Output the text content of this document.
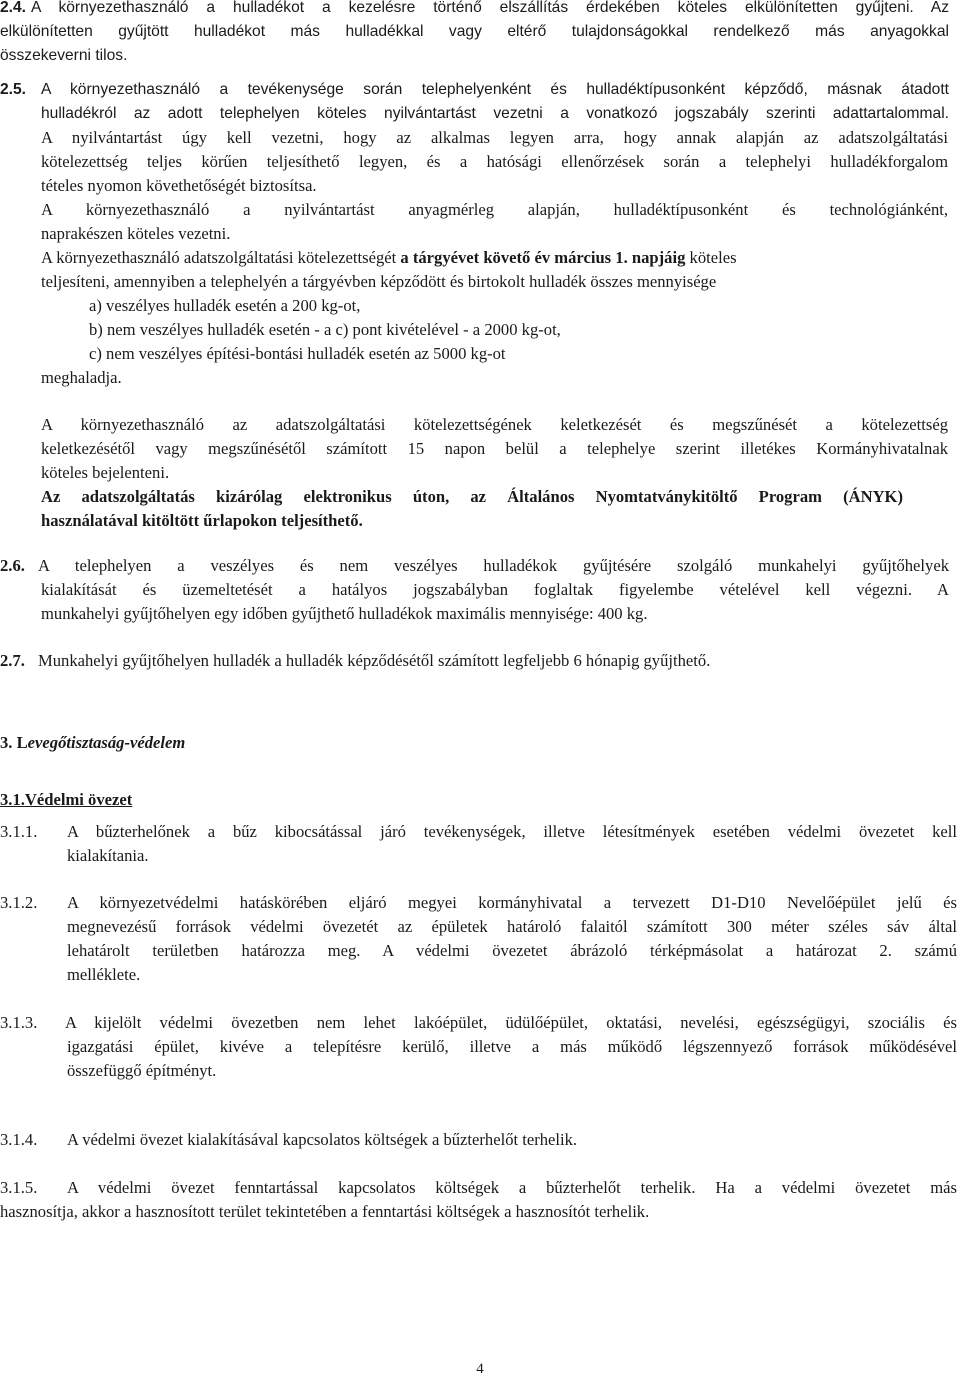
2.4. A környezethasználó a hulladékot a kezelésre történő elszállítás érdekében köteles elkülönítetten gyűjteni. Az
elkülönítetten gyűjtött hulladékot más hulladékkal vagy eltérő tulajdonságokkal rendelkező más anyagokkal
összekeverni tilos.
2.5. A környezethasználó a tevékenysége során telephelyenként és hulladéktípusonként képződő, másnak átadott
hulladékról az adott telephelyen köteles nyilvántartást vezetni a vonatkozó jogszabály szerinti adattartalommal.
A nyilvántartást úgy kell vezetni, hogy az alkalmas legyen arra, hogy annak alapján az adatszolgáltatási
kötelezettség teljes körűen teljesíthető legyen, és a hatósági ellenőrzések során a telephelyi hulladékforgalom
tételes nyomon követhetőségét biztosítsa.
A környezethasználó a nyilvántartást anyagmérleg alapján, hulladéktípusonként és technológiánként,
naprakészen köteles vezetni.
A környezethasználó adatszolgáltatási kötelezettségét a tárgyévet követő év március 1. napjáig köteles
teljesíteni, amennyiben a telephelyén a tárgyévben képződött és birtokolt hulladék összes mennyisége
a) veszélyes hulladék esetén a 200 kg-ot,
b) nem veszélyes hulladék esetén - a c) pont kivételével - a 2000 kg-ot,
c) nem veszélyes építési-bontási hulladék esetén az 5000 kg-ot
meghaladja.
A környezethasználó az adatszolgáltatási kötelezettségének keletkezését és megszűnését a kötelezettség
keletkezésétől vagy megszűnésétől számított 15 napon belül a telephelye szerint illetékes Kormányhivatalnak
köteles bejelenteni.
Az adatszolgáltatás kizárólag elektronikus úton, az Általános Nyomtatványkitöltő Program (ÁNYK)
használatával kitöltött űrlapokon teljesíthető.
2.6. A telephelyen a veszélyes és nem veszélyes hulladékok gyűjtésére szolgáló munkahelyi gyűjtőhelyek
kialakítását és üzemeltetését a hatályos jogszabályban foglaltak figyelembe vételével kell végezni. A
munkahelyi gyűjtőhelyen egy időben gyűjthető hulladékok maximális mennyisége: 400 kg.
2.7. Munkahelyi gyűjtőhelyen hulladék a hulladék képződésétől számított legfeljebb 6 hónapig gyűjthető.
3. Levegőtisztaság-védelem
3.1.Védelmi övezet
3.1.1. A bűzterhelőnek a bűz kibocsátással járó tevékenységek, illetve létesítmények esetében védelmi övezetet kell
kialakítania.
3.1.2. A környezetvédelmi hatáskörében eljáró megyei kormányhivatal a tervezett D1-D10 Nevelőépület jelű és
megnevezésű források védelmi övezetét az épületek határoló falaitól számított 300 méter széles sáv által
lehatárolt területben határozza meg. A védelmi övezetet ábrázoló térképmásolat a határozat 2. számú
melléklete.
3.1.3. A kijelölt védelmi övezetben nem lehet lakóépület, üdülőépület, oktatási, nevelési, egészségügyi, szociális és
igazgatási épület, kivéve a telepítésre kerülő, illetve a más működő légszennyező források működésével
összefüggő építményt.
3.1.4. A védelmi övezet kialakításával kapcsolatos költségek a bűzterhelőt terhelik.
3.1.5. A védelmi övezet fenntartással kapcsolatos költségek a bűzterhelőt terhelik. Ha a védelmi övezetet más
hasznosítja, akkor a hasznosított terület tekintetében a fenntartási költségek a hasznosítót terhelik.
4
